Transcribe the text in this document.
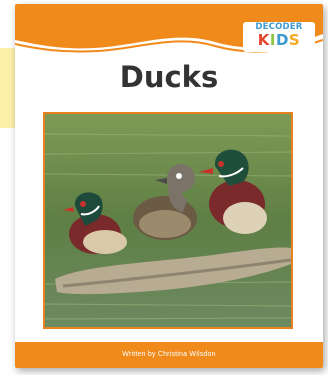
DECODER
KIDS
Ducks
Written by Christina Wilsdon
